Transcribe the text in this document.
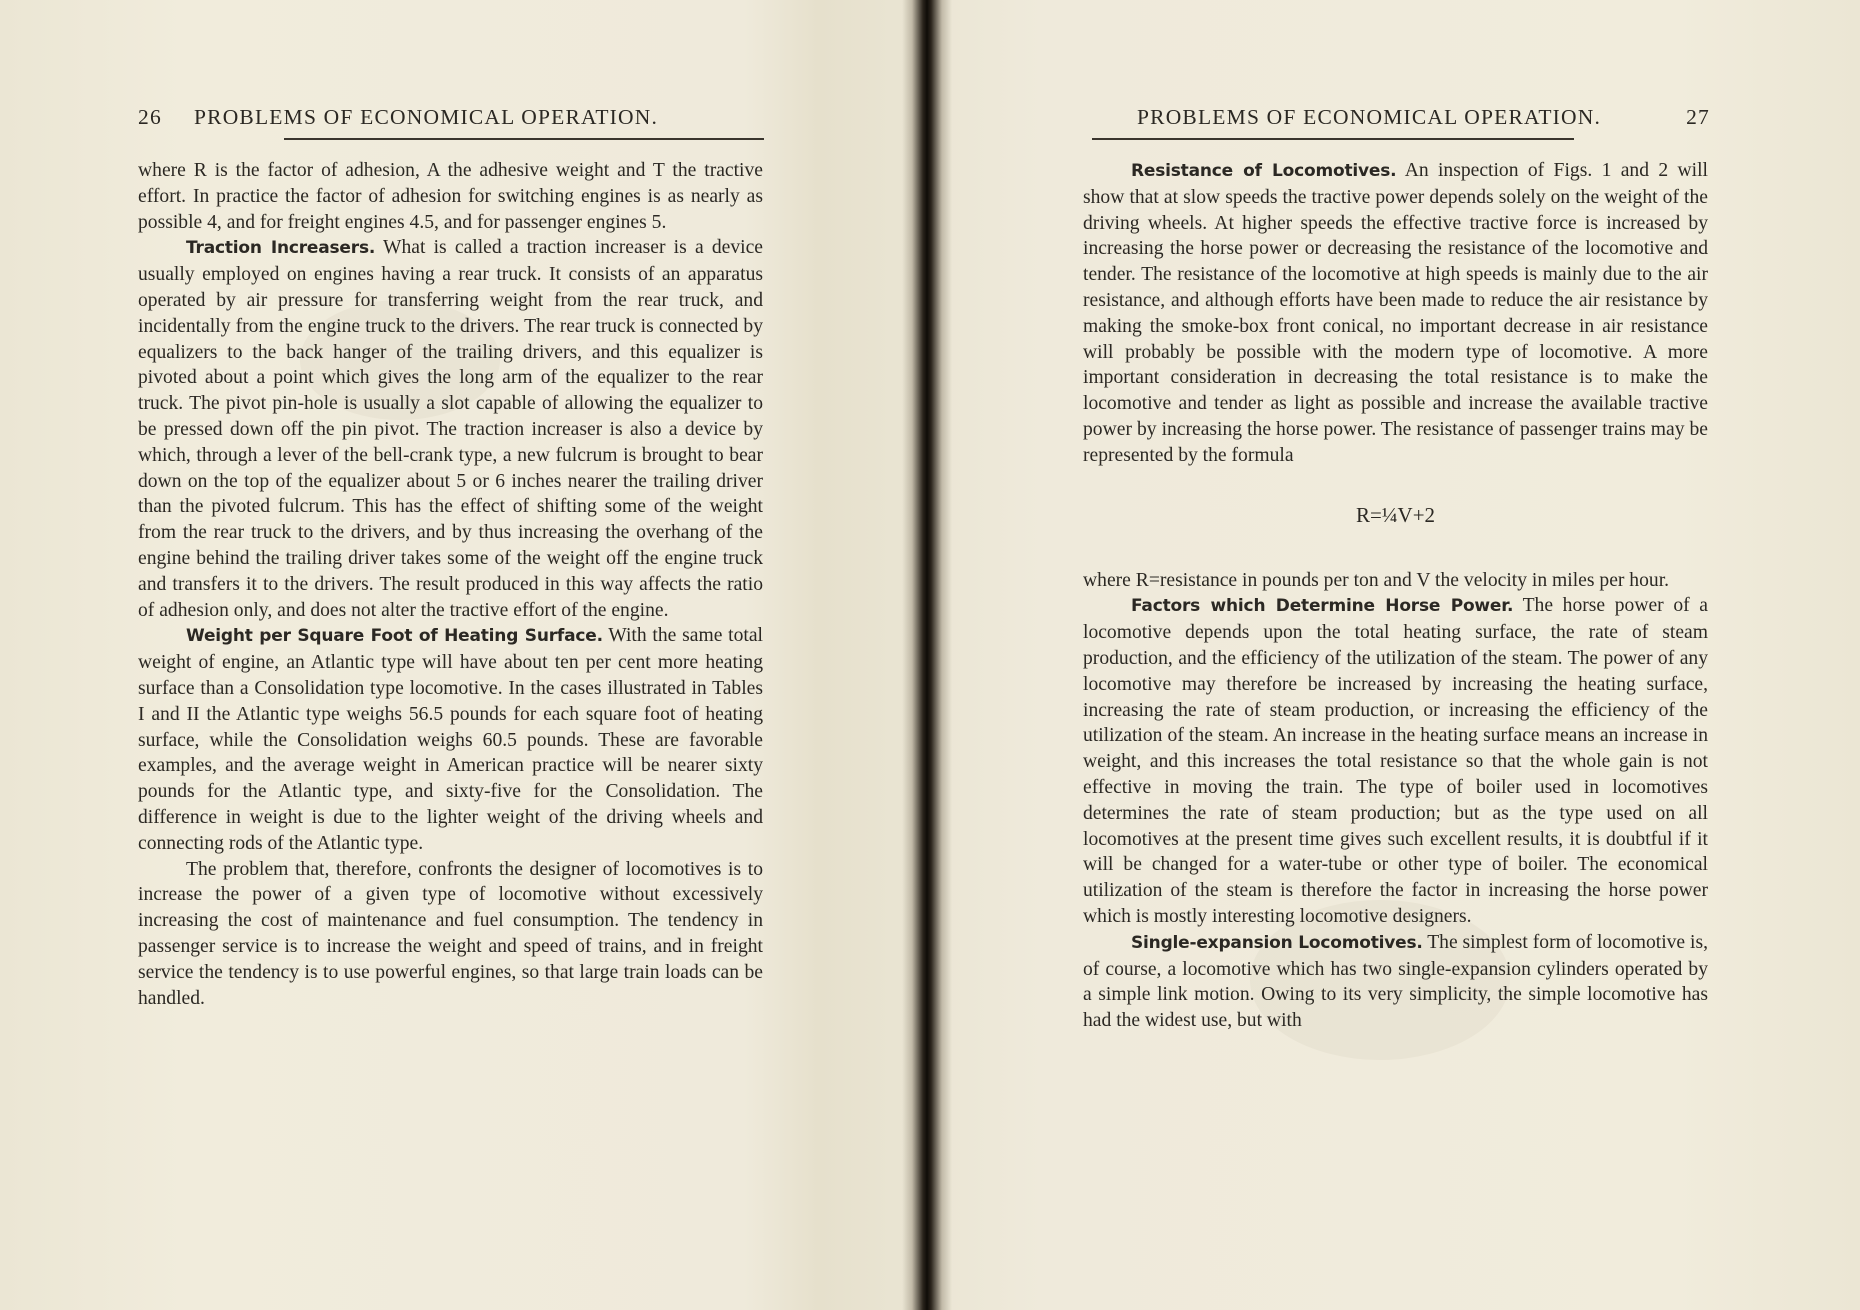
26 PROBLEMS OF ECONOMICAL OPERATION.

where R is the factor of adhesion, A the adhesive weight and T the tractive effort. In practice the factor of adhesion for switching engines is as nearly as possible 4, and for freight engines 4.5, and for passenger engines 5.

Traction Increasers. What is called a traction increaser is a device usually employed on engines having a rear truck. It consists of an apparatus operated by air pressure for transferring weight from the rear truck, and incidentally from the engine truck to the drivers. The rear truck is connected by equalizers to the back hanger of the trailing drivers, and this equalizer is pivoted about a point which gives the long arm of the equalizer to the rear truck. The pivot pin-hole is usually a slot capable of allowing the equalizer to be pressed down off the pin pivot. The traction increaser is also a device by which, through a lever of the bell-crank type, a new fulcrum is brought to bear down on the top of the equalizer about 5 or 6 inches nearer the trailing driver than the pivoted fulcrum. This has the effect of shifting some of the weight from the rear truck to the drivers, and by thus increasing the overhang of the engine behind the trailing driver takes some of the weight off the engine truck and transfers it to the drivers. The result produced in this way affects the ratio of adhesion only, and does not alter the tractive effort of the engine.

Weight per Square Foot of Heating Surface. With the same total weight of engine, an Atlantic type will have about ten per cent more heating surface than a Consolidation type locomotive. In the cases illustrated in Tables I and II the Atlantic type weighs 56.5 pounds for each square foot of heating surface, while the Consolidation weighs 60.5 pounds. These are favorable examples, and the average weight in American practice will be nearer sixty pounds for the Atlantic type, and sixty-five for the Consolidation. The difference in weight is due to the lighter weight of the driving wheels and connecting rods of the Atlantic type.

The problem that, therefore, confronts the designer of locomotives is to increase the power of a given type of locomotive without excessively increasing the cost of maintenance and fuel consumption. The tendency in passenger service is to increase the weight and speed of trains, and in freight service the tendency is to use powerful engines, so that large train loads can be handled.

PROBLEMS OF ECONOMICAL OPERATION.	27

Resistance of Locomotives. An inspection of Figs. 1 and 2 will show that at slow speeds the tractive power depends solely on the weight of the driving wheels. At higher speeds the effective tractive force is increased by increasing the horse power or decreasing the resistance of the locomotive and tender. The resistance of the locomotive at high speeds is mainly due to the air resistance, and although efforts have been made to reduce the air resistance by making the smoke-box front conical, no important decrease in air resistance will probably be possible with the modern type of locomotive. A more important consideration in decreasing the total resistance is to make the locomotive and tender as light as possible and increase the available tractive power by increasing the horse power. The resistance of passenger trains may be represented by the formula

R=¼V+2

where R=resistance in pounds per ton and V the velocity in miles per hour.

Factors which Determine Horse Power. The horse power of a locomotive depends upon the total heating surface, the rate of steam production, and the efficiency of the utilization of the steam. The power of any locomotive may therefore be increased by increasing the heating surface, increasing the rate of steam production, or increasing the efficiency of the utilization of the steam. An increase in the heating surface means an increase in weight, and this increases the total resistance so that the whole gain is not effective in moving the train. The type of boiler used in locomotives determines the rate of steam production; but as the type used on all locomotives at the present time gives such excellent results, it is doubtful if it will be changed for a water-tube or other type of boiler. The economical utilization of the steam is therefore the factor in increasing the horse power which is mostly interesting locomotive designers.

Single-expansion Locomotives. The simplest form of locomotive is, of course, a locomotive which has two single-expansion cylinders operated by a simple link motion. Owing to its very simplicity, the simple locomotive has had the widest use, but with
